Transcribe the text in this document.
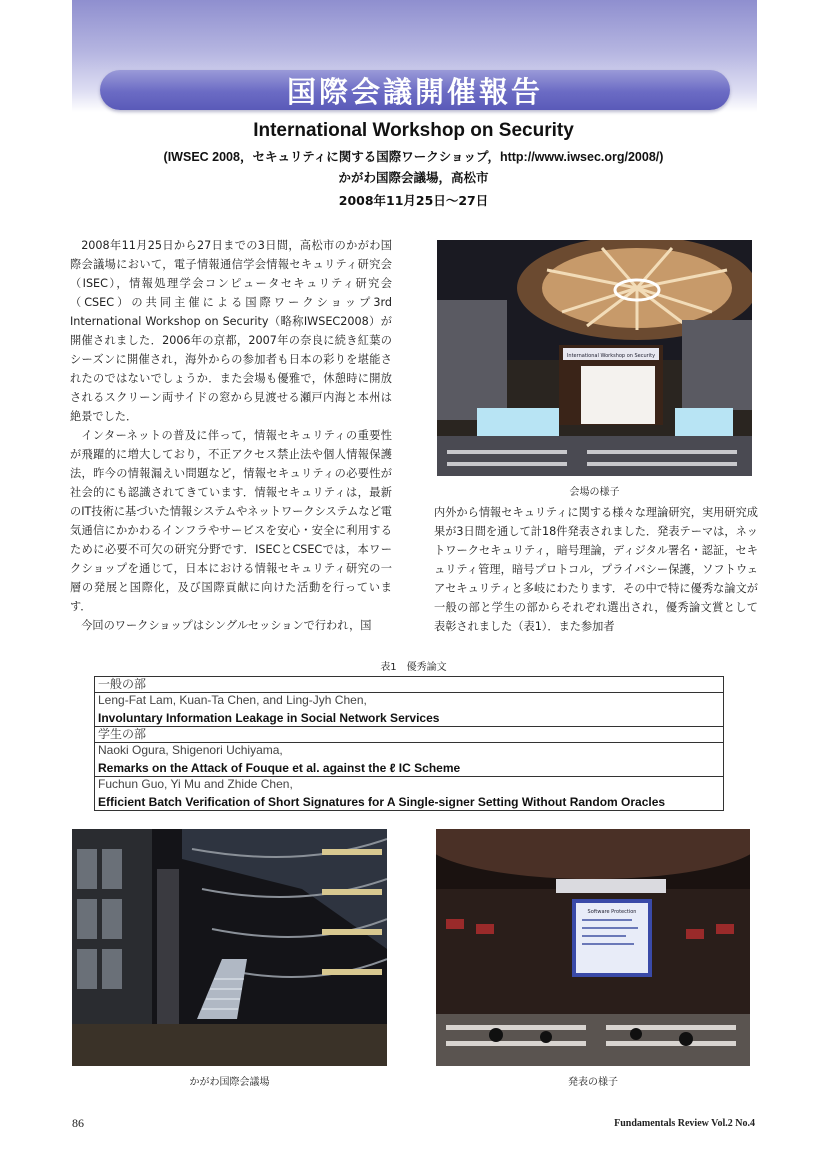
国際会議開催報告
International Workshop on Security
(IWSEC 2008，セキュリティに関する国際ワークショップ，http://www.iwsec.org/2008/)
かがわ国際会議場，高松市
2008年11月25日〜27日

2008年11月25日から27日までの3日間，高松市のかがわ国際会議場において，電子情報通信学会情報セキュリティ研究会（ISEC），情報処理学会コンピュータセキュリティ研究会（CSEC）の共同主催による国際ワークショップ3rd International Workshop on Security（略称IWSEC2008）が開催されました．2006年の京都，2007年の奈良に続き紅葉のシーズンに開催され，海外からの参加者も日本の彩りを堪能されたのではないでしょうか．また会場も優雅で，休憩時に開放されるスクリーン両サイドの窓から見渡せる瀬戸内海と本州は絶景でした．

インターネットの普及に伴って，情報セキュリティの重要性が飛躍的に増大しており，不正アクセス禁止法や個人情報保護法，昨今の情報漏えい問題など，情報セキュリティの必要性が社会的にも認識されてきています．情報セキュリティは，最新のIT技術に基づいた情報システムやネットワークシステムなど電気通信にかかわるインフラやサービスを安心・安全に利用するために必要不可欠の研究分野です．ISECとCSECでは，本ワークショップを通じて，日本における情報セキュリティ研究の一層の発展と国際化，及び国際貢献に向けた活動を行っています．

今回のワークショップはシングルセッションで行われ，国

International Workshop on Security
会場の様子

内外から情報セキュリティに関する様々な理論研究，実用研究成果が3日間を通して計18件発表されました．発表テーマは，ネットワークセキュリティ，暗号理論，ディジタル署名・認証，セキュリティ管理，暗号プロトコル，プライバシー保護，ソフトウェアセキュリティと多岐にわたります．その中で特に優秀な論文が一般の部と学生の部からそれぞれ選出され，優秀論文賞として表彰されました（表1）．また参加者

表1　優秀論文
一般の部

Leng-Fat Lam, Kuan-Ta Chen, and Ling-Jyh Chen,
Involuntary Information Leakage in Social Network Services

学生の部

Naoki Ogura, Shigenori Uchiyama,
Remarks on the Attack of Fouque et al. against the ℓ IC Scheme

Fuchun Guo, Yi Mu and Zhide Chen,
Efficient Batch Verification of Short Signatures for A Single-signer Setting Without Random Oracles
かがわ国際会議場
Software Protection
発表の様子
86	Fundamentals Review Vol.2 No.4
